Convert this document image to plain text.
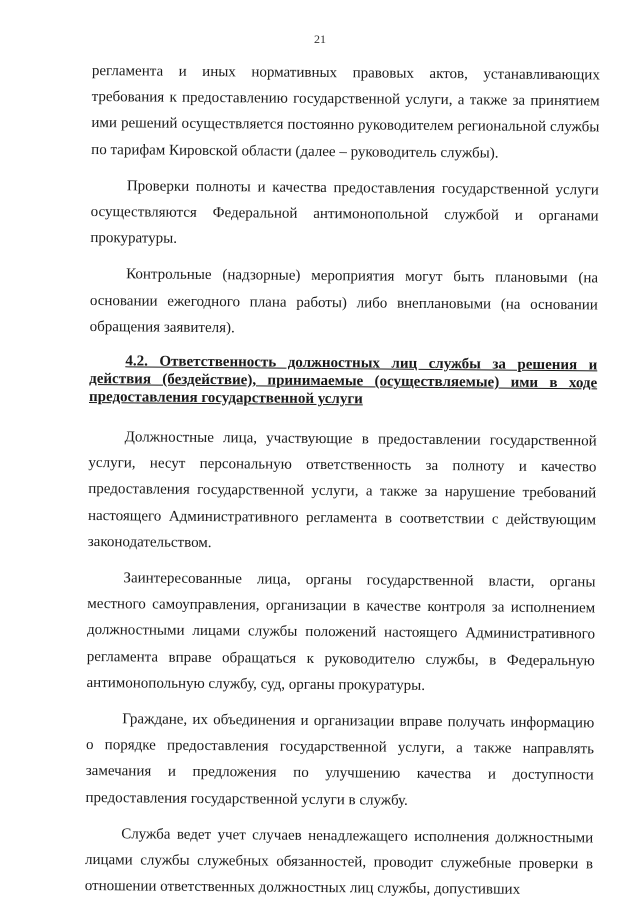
21

регламента и иных нормативных правовых актов, устанавливающих требования к предоставлению государственной услуги, а также за принятием ими решений осуществляется постоянно руководителем региональной службы по тарифам Кировской области (далее – руководитель службы).

Проверки полноты и качества предоставления государственной услуги осуществляются Федеральной антимонопольной службой и органами прокуратуры.

Контрольные (надзорные) мероприятия могут быть плановыми (на основании ежегодного плана работы) либо внеплановыми (на основании обращения заявителя).

4.2. Ответственность должностных лиц службы за решения и действия (бездействие), принимаемые (осуществляемые) ими в ходе предоставления государственной услуги

Должностные лица, участвующие в предоставлении государственной услуги, несут персональную ответственность за полноту и качество предоставления государственной услуги, а также за нарушение требований настоящего Административного регламента в соответствии с действующим законодательством.

Заинтересованные лица, органы государственной власти, органы местного самоуправления, организации в качестве контроля за исполнением должностными лицами службы положений настоящего Административного регламента вправе обращаться к руководителю службы, в Федеральную антимонопольную службу, суд, органы прокуратуры.

Граждане, их объединения и организации вправе получать информацию о порядке предоставления государственной услуги, а также направлять замечания и предложения по улучшению качества и доступности предоставления государственной услуги в службу.

Служба ведет учет случаев ненадлежащего исполнения должностными лицами службы служебных обязанностей, проводит служебные проверки в отношении ответственных должностных лиц службы, допустивших
